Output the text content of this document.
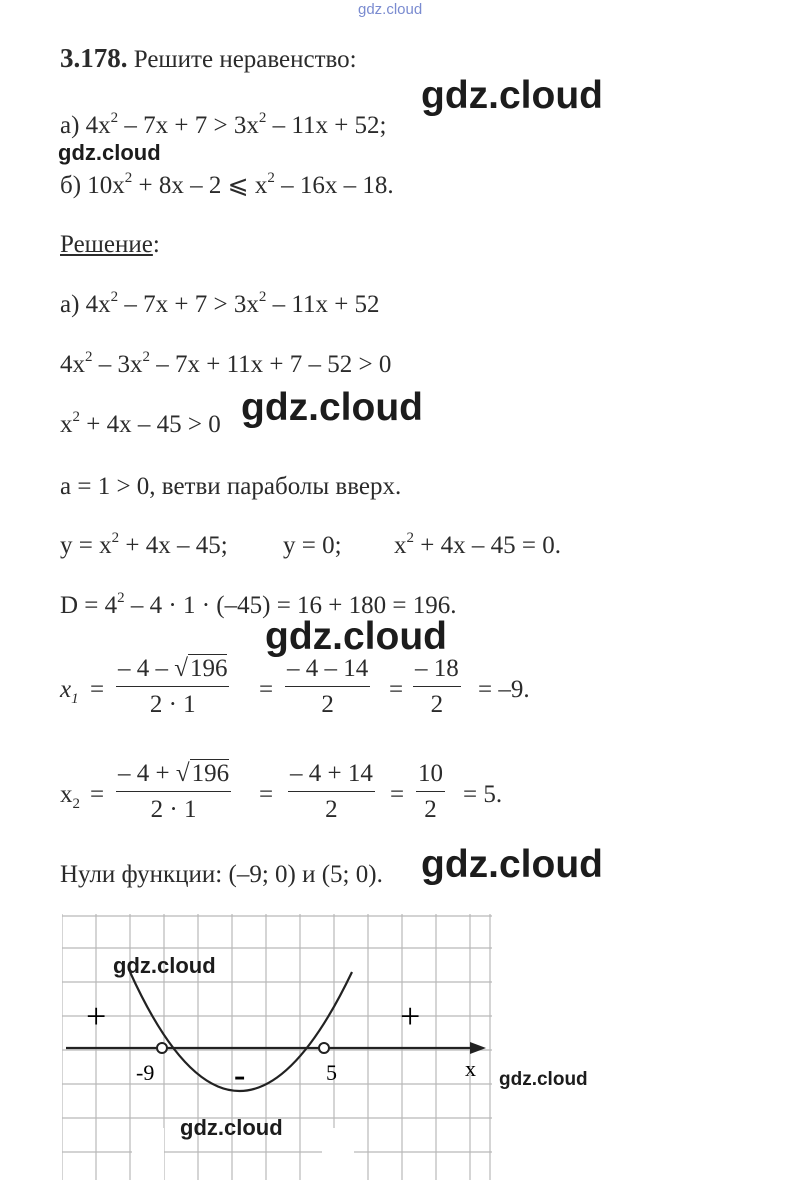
gdz.cloud
gdz.cloud
gdz.cloud
gdz.cloud
gdz.cloud
gdz.cloud
3.178. Решите неравенство:
а) $4x^2 - 7x + 7 > 3x^2 - 11x + 52$;
б) $10x^2 + 8x - 2$ ⩽ $x^2 - 16x - 18$.
Решение:
а) $4x^2 - 7x + 7 > 3x^2 - 11x + 52$
$4x^2 - 3x^2 - 7x + 11x + 7 - 52 > 0$
$x^2 + 4x - 45 > 0$
a = 1 > 0, ветви параболы вверх.
$y = x^2 + 4x - 45$; y = 0; $x^2 + 4x - 45 = 0$.
$D = 4^2 - 4 \cdot 1 \cdot (-45) = 16 + 180 = 196$.
$x_1 = \frac{- 4 - √196}{2 \cdot 1} = \frac{- 4 - 14}{2} = \frac{- 18}{2} = -9$.
$x_2 = \frac{- 4 + √196}{2 \cdot 1} = \frac{- 4 + 14}{2} = \frac{10}{2} = 5$.
Нули функции: (–9; 0) и (5; 0).
+	+
-
-9	5	x
gdz.cloud
gdz.cloud
gdz.cloud
